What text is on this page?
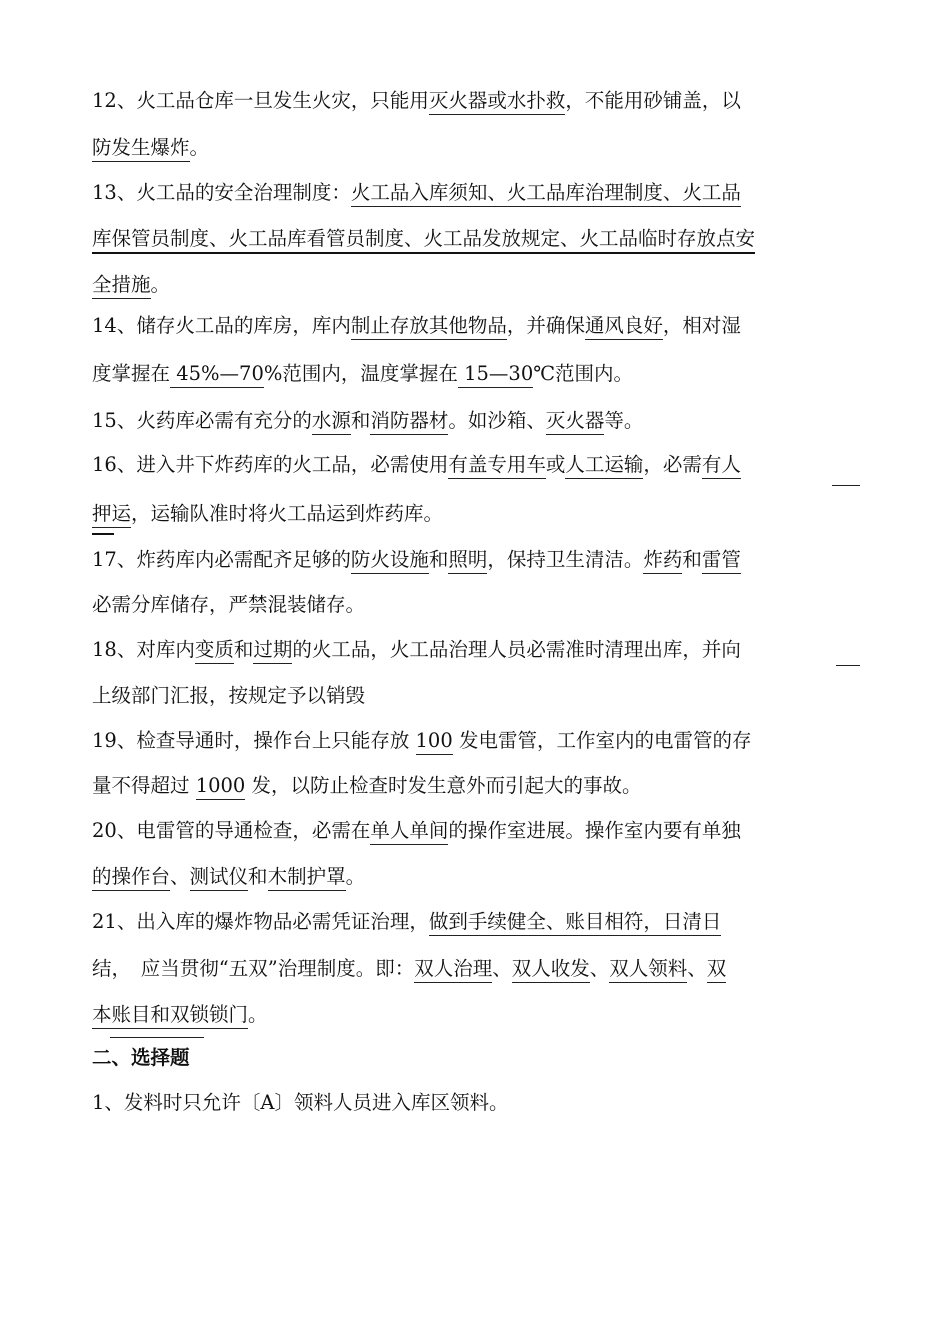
12、火工品仓库一旦发生火灾，只能用灭火器或水扑救，不能用砂铺盖，以
防发生爆炸。
13、火工品的安全治理制度：火工品入库须知、火工品库治理制度、火工品
库保管员制度、火工品库看管员制度、火工品发放规定、火工品临时存放点安
全措施。
14、储存火工品的库房，库内制止存放其他物品，并确保通风良好，相对湿
度掌握在 45%—70%范围内，温度掌握在 15—30℃范围内。
15、火药库必需有充分的水源和消防器材。如沙箱、灭火器等。
16、进入井下炸药库的火工品，必需使用有盖专用车或人工运输，必需有人
押运，运输队准时将火工品运到炸药库。
17、炸药库内必需配齐足够的防火设施和照明，保持卫生清洁。炸药和雷管
必需分库储存，严禁混装储存。
18、对库内变质和过期的火工品，火工品治理人员必需准时清理出库，并向
上级部门汇报，按规定予以销毁
19、检查导通时，操作台上只能存放 100 发电雷管，工作室内的电雷管的存
量不得超过 1000 发，以防止检查时发生意外而引起大的事故。
20、电雷管的导通检查，必需在单人单间的操作室进展。操作室内要有单独
的操作台、测试仪和木制护罩。
21、出入库的爆炸物品必需凭证治理，做到手续健全、账目相符，日清日
结，　应当贯彻“五双”治理制度。即：双人治理、双人收发、双人领料、双
本账目和双锁锁门。
二、选择题
1、发料时只允许〔A〕领料人员进入库区领料。
